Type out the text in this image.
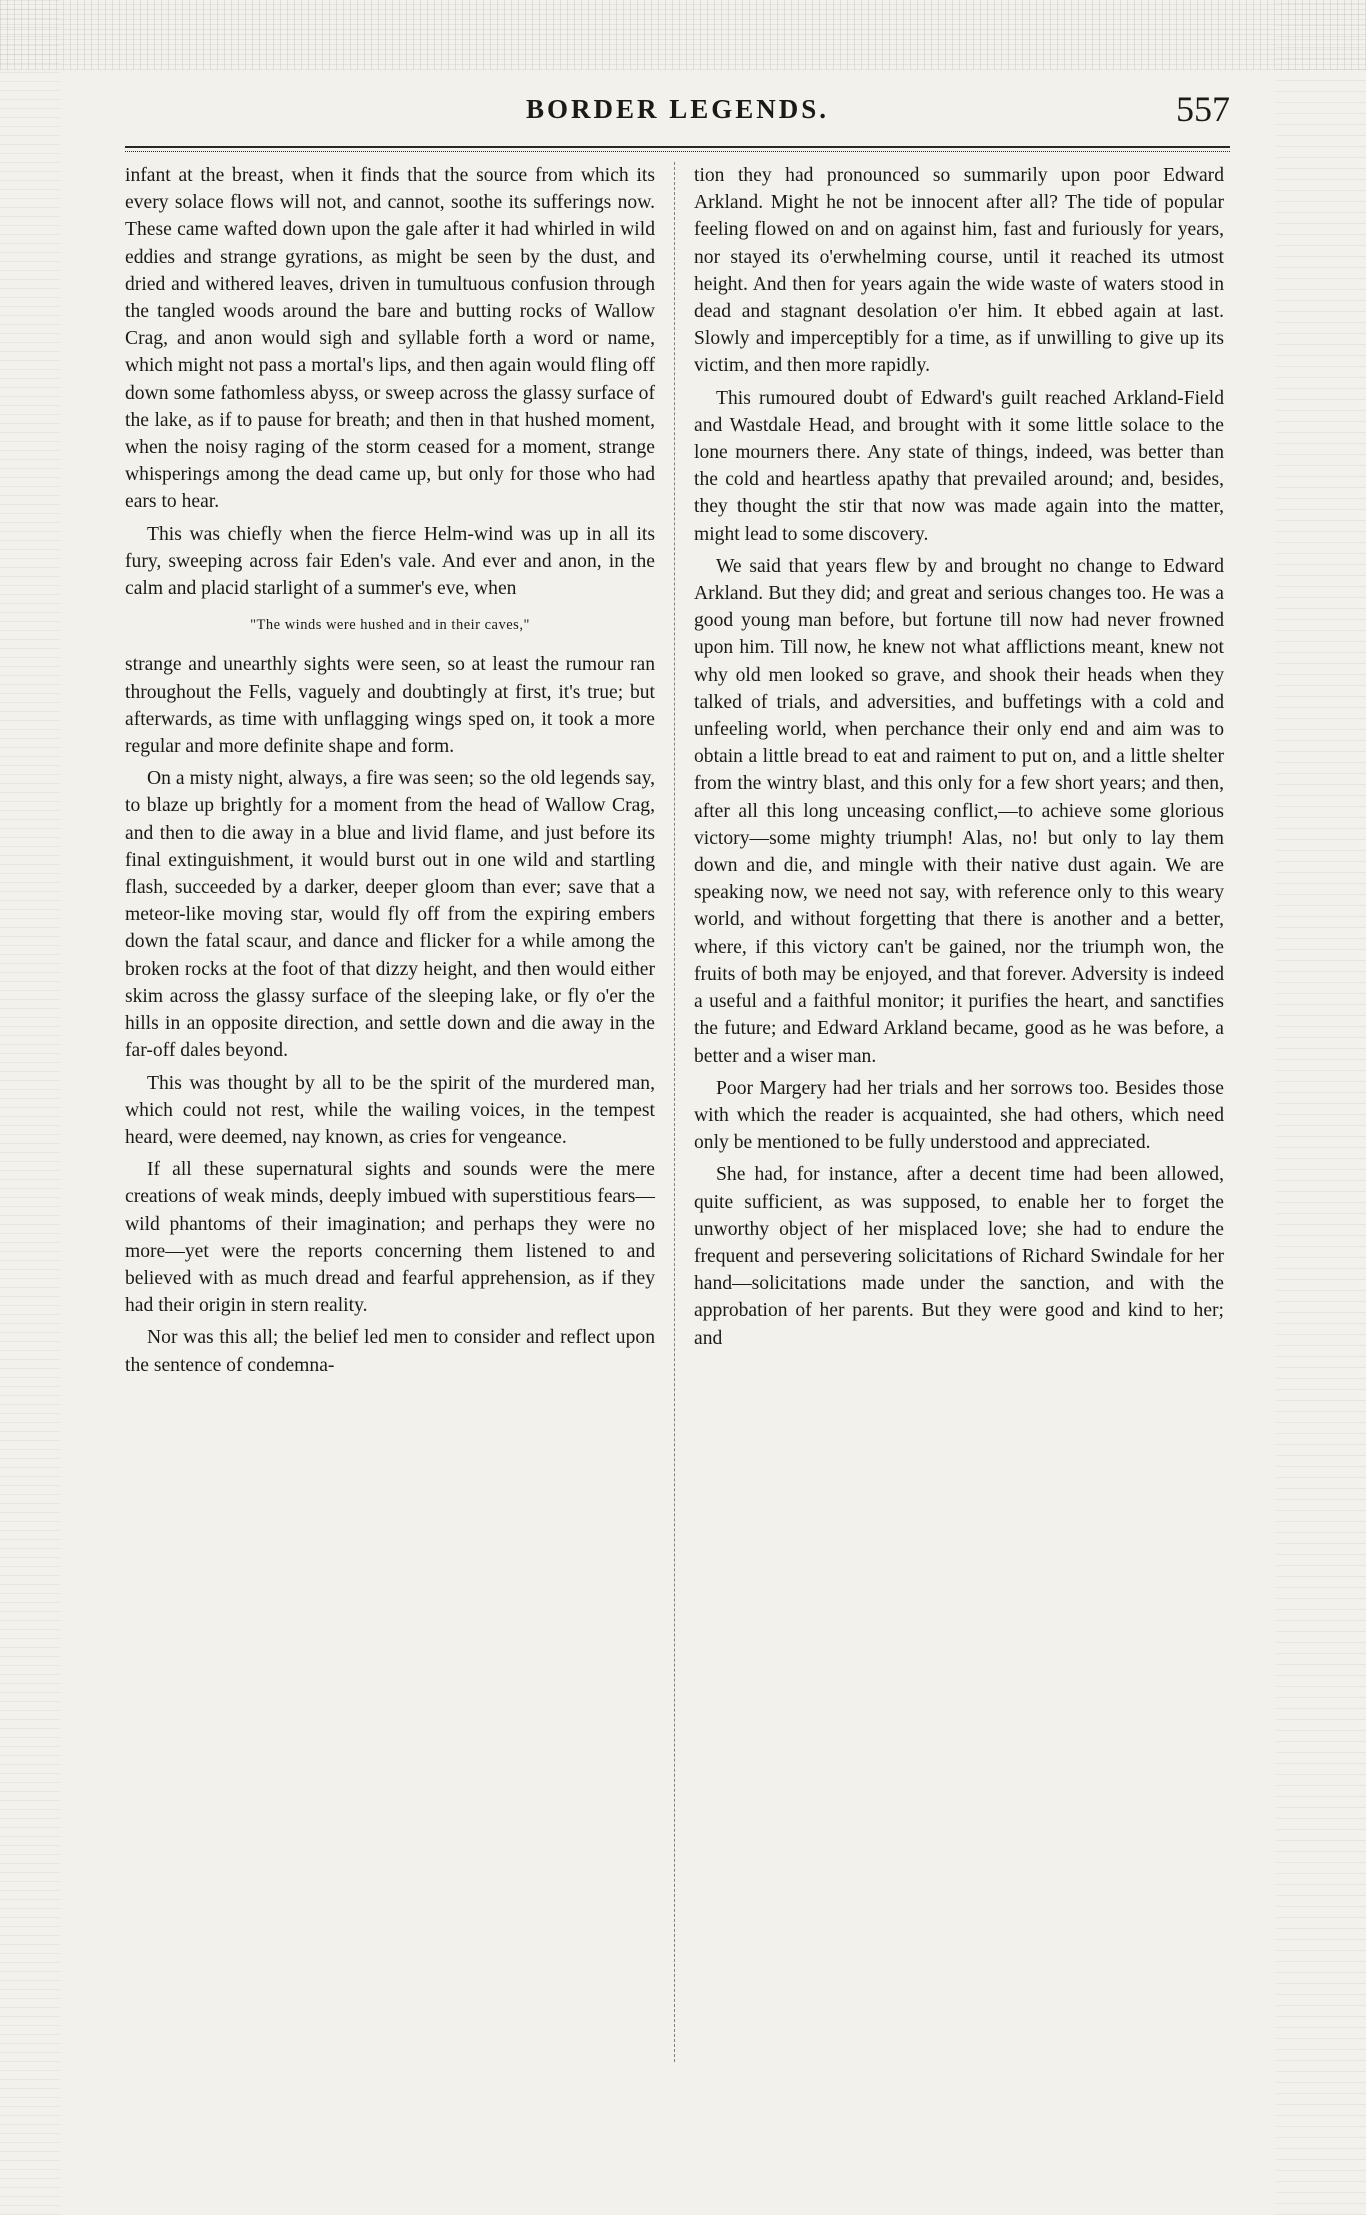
BORDER LEGENDS.	557

infant at the breast, when it finds that the source from which its every solace flows will not, and cannot, soothe its sufferings now. These came wafted down upon the gale after it had whirled in wild eddies and strange gyrations, as might be seen by the dust, and dried and withered leaves, driven in tumultuous confusion through the tangled woods around the bare and butting rocks of Wallow Crag, and anon would sigh and syllable forth a word or name, which might not pass a mortal's lips, and then again would fling off down some fathomless abyss, or sweep across the glassy surface of the lake, as if to pause for breath; and then in that hushed moment, when the noisy raging of the storm ceased for a moment, strange whisperings among the dead came up, but only for those who had ears to hear.

This was chiefly when the fierce Helm-wind was up in all its fury, sweeping across fair Eden's vale. And ever and anon, in the calm and placid starlight of a summer's eve, when

"The winds were hushed and in their caves,"

strange and unearthly sights were seen, so at least the rumour ran throughout the Fells, vaguely and doubtingly at first, it's true; but afterwards, as time with unflagging wings sped on, it took a more regular and more definite shape and form.

On a misty night, always, a fire was seen; so the old legends say, to blaze up brightly for a moment from the head of Wallow Crag, and then to die away in a blue and livid flame, and just before its final extinguishment, it would burst out in one wild and startling flash, succeeded by a darker, deeper gloom than ever; save that a meteor-like moving star, would fly off from the expiring embers down the fatal scaur, and dance and flicker for a while among the broken rocks at the foot of that dizzy height, and then would either skim across the glassy surface of the sleeping lake, or fly o'er the hills in an opposite direction, and settle down and die away in the far-off dales beyond.

This was thought by all to be the spirit of the murdered man, which could not rest, while the wailing voices, in the tempest heard, were deemed, nay known, as cries for vengeance.

If all these supernatural sights and sounds were the mere creations of weak minds, deeply imbued with superstitious fears—wild phantoms of their imagination; and perhaps they were no more—yet were the reports concerning them listened to and believed with as much dread and fearful apprehension, as if they had their origin in stern reality.

Nor was this all; the belief led men to consider and reflect upon the sentence of condemna-

tion they had pronounced so summarily upon poor Edward Arkland. Might he not be innocent after all? The tide of popular feeling flowed on and on against him, fast and furiously for years, nor stayed its o'erwhelming course, until it reached its utmost height. And then for years again the wide waste of waters stood in dead and stagnant desolation o'er him. It ebbed again at last. Slowly and imperceptibly for a time, as if unwilling to give up its victim, and then more rapidly.

This rumoured doubt of Edward's guilt reached Arkland-Field and Wastdale Head, and brought with it some little solace to the lone mourners there. Any state of things, indeed, was better than the cold and heartless apathy that prevailed around; and, besides, they thought the stir that now was made again into the matter, might lead to some discovery.

We said that years flew by and brought no change to Edward Arkland. But they did; and great and serious changes too. He was a good young man before, but fortune till now had never frowned upon him. Till now, he knew not what afflictions meant, knew not why old men looked so grave, and shook their heads when they talked of trials, and adversities, and buffetings with a cold and unfeeling world, when perchance their only end and aim was to obtain a little bread to eat and raiment to put on, and a little shelter from the wintry blast, and this only for a few short years; and then, after all this long unceasing conflict,—to achieve some glorious victory—some mighty triumph! Alas, no! but only to lay them down and die, and mingle with their native dust again. We are speaking now, we need not say, with reference only to this weary world, and without forgetting that there is another and a better, where, if this victory can't be gained, nor the triumph won, the fruits of both may be enjoyed, and that forever. Adversity is indeed a useful and a faithful monitor; it purifies the heart, and sanctifies the future; and Edward Arkland became, good as he was before, a better and a wiser man.

Poor Margery had her trials and her sorrows too. Besides those with which the reader is acquainted, she had others, which need only be mentioned to be fully understood and appreciated.

She had, for instance, after a decent time had been allowed, quite sufficient, as was supposed, to enable her to forget the unworthy object of her misplaced love; she had to endure the frequent and persevering solicitations of Richard Swindale for her hand—solicitations made under the sanction, and with the approbation of her parents. But they were good and kind to her; and
